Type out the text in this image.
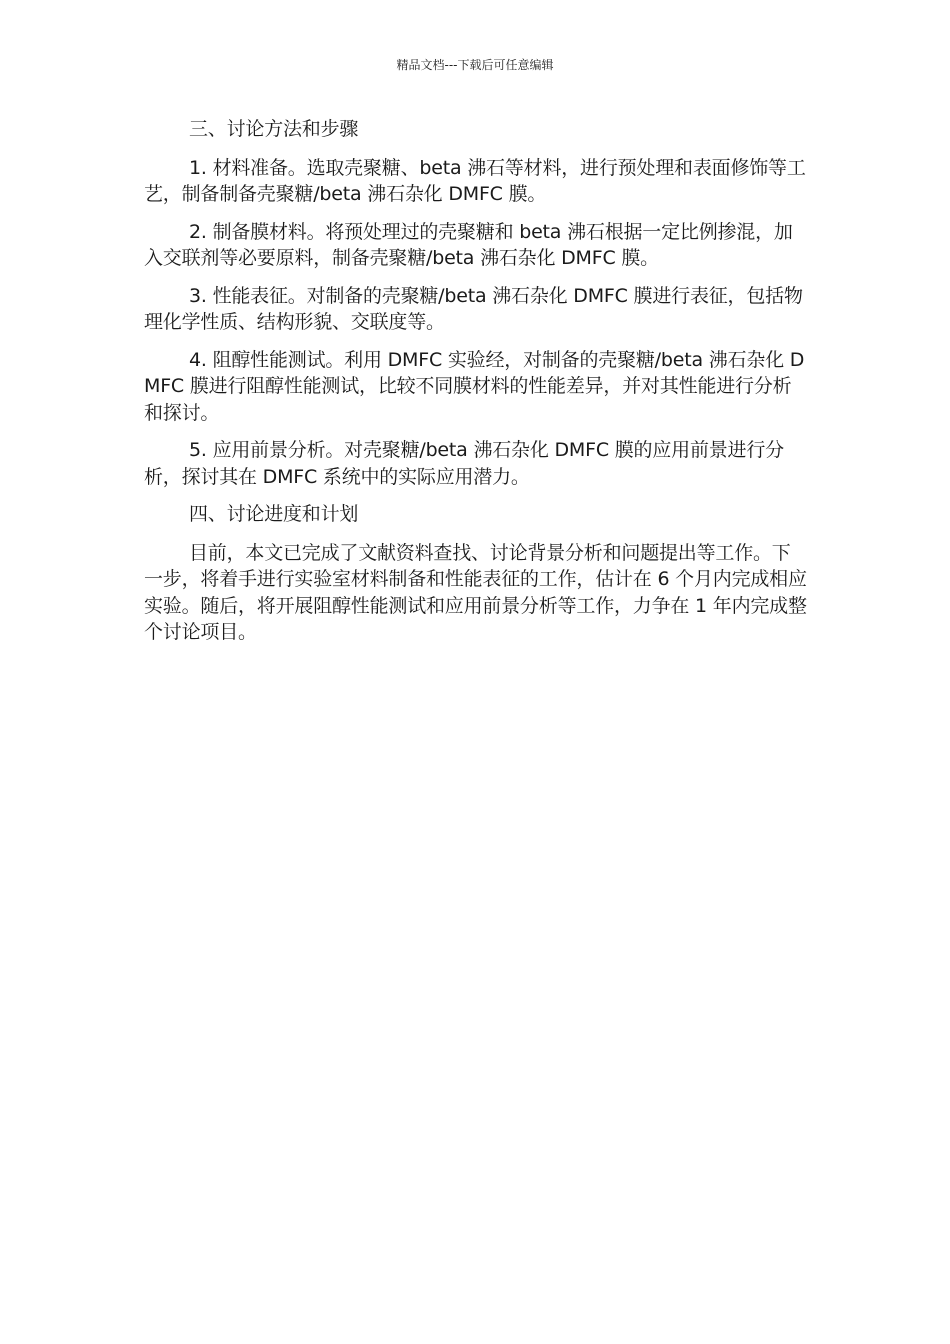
精品文档---下载后可任意编辑

三、讨论方法和步骤

1. 材料准备。选取壳聚糖、beta 沸石等材料，进行预处理和表面修饰等工艺，制备制备壳聚糖/beta 沸石杂化 DMFC 膜。

2. 制备膜材料。将预处理过的壳聚糖和 beta 沸石根据一定比例掺混，加入交联剂等必要原料，制备壳聚糖/beta 沸石杂化 DMFC 膜。

3. 性能表征。对制备的壳聚糖/beta 沸石杂化 DMFC 膜进行表征，包括物理化学性质、结构形貌、交联度等。

4. 阻醇性能测试。利用 DMFC 实验经，对制备的壳聚糖/beta 沸石杂化 DMFC 膜进行阻醇性能测试，比较不同膜材料的性能差异，并对其性能进行分析和探讨。

5. 应用前景分析。对壳聚糖/beta 沸石杂化 DMFC 膜的应用前景进行分析，探讨其在 DMFC 系统中的实际应用潜力。

四、讨论进度和计划

目前，本文已完成了文献资料查找、讨论背景分析和问题提出等工作。下一步，将着手进行实验室材料制备和性能表征的工作，估计在 6 个月内完成相应实验。随后，将开展阻醇性能测试和应用前景分析等工作，力争在 1 年内完成整个讨论项目。
